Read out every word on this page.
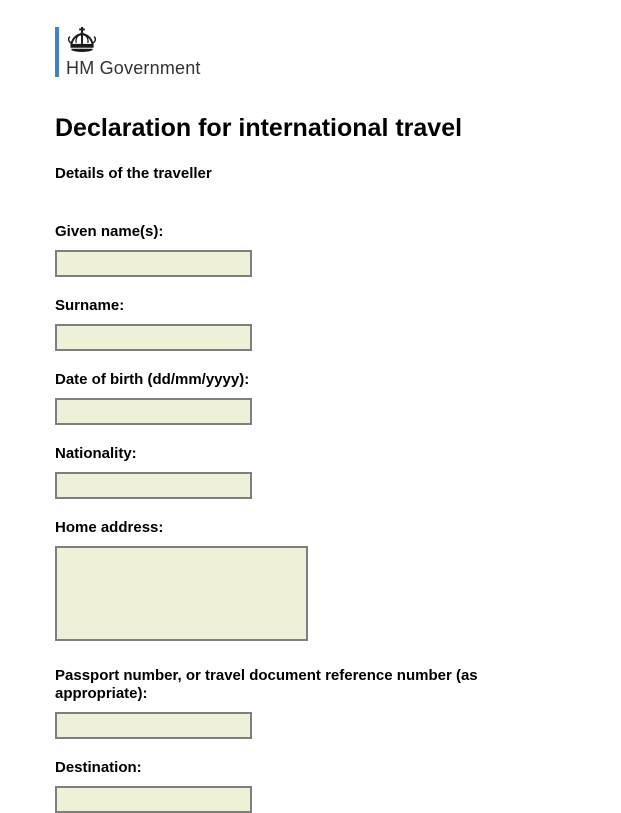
HM Government
Declaration for international travel
Details of the traveller
Given name(s):
Surname:
Date of birth (dd/mm/yyyy):
Nationality:
Home address:
Passport number, or travel document reference number (as appropriate):
Destination:
